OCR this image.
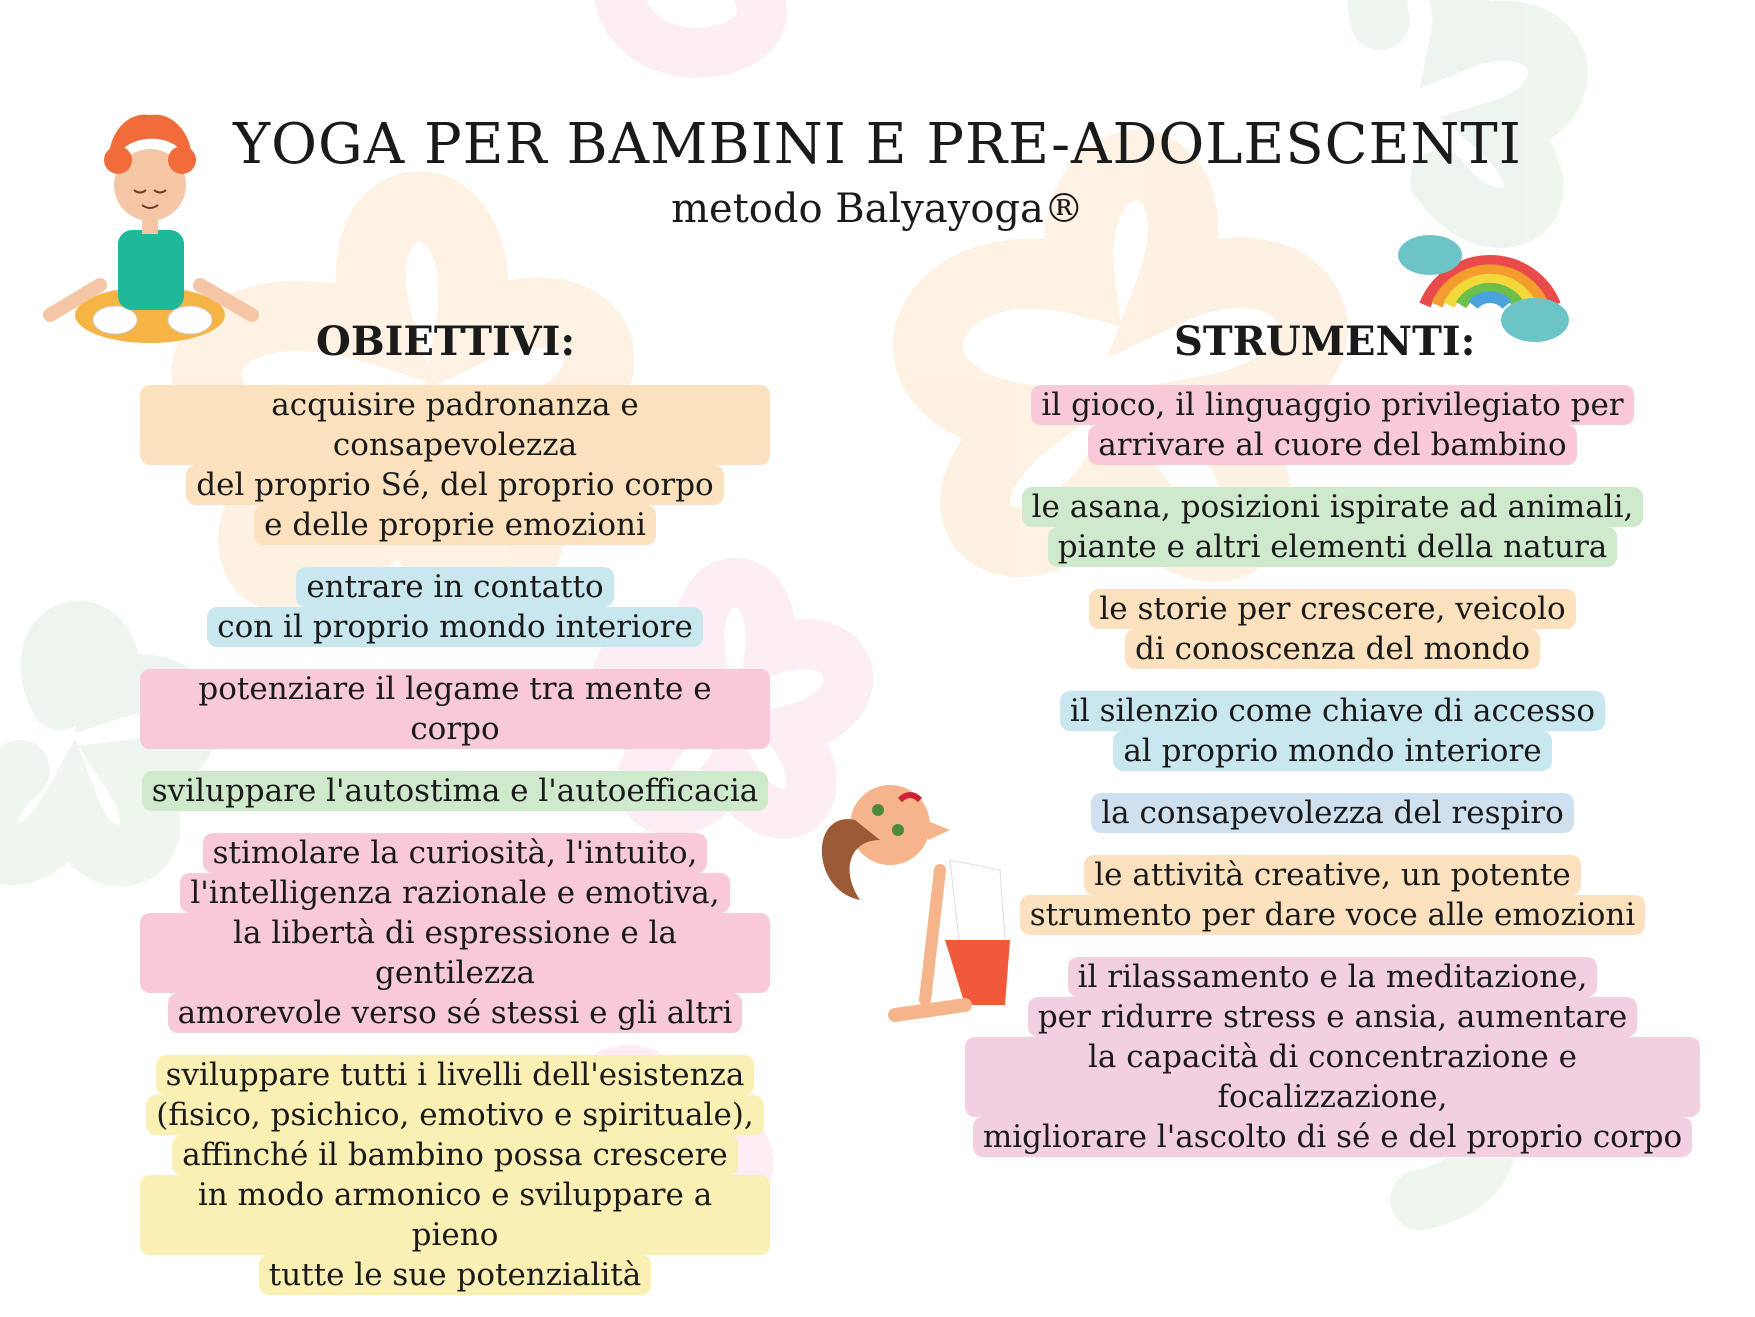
YOGA PER BAMBINI E PRE-ADOLESCENTI
metodo Balyayoga®
OBIETTIVI:	STRUMENTI:
acquisire padronanza e consapevolezza
del proprio Sé, del proprio corpo
e delle proprie emozioni
entrare in contatto
con il proprio mondo interiore
potenziare il legame tra mente e corpo
sviluppare l'autostima e l'autoefficacia
stimolare la curiosità, l'intuito,
l'intelligenza razionale e emotiva,
la libertà di espressione e la gentilezza
amorevole verso sé stessi e gli altri
sviluppare tutti i livelli dell'esistenza
(fisico, psichico, emotivo e spirituale),
affinché il bambino possa crescere
in modo armonico e sviluppare a pieno
tutte le sue potenzialità
il gioco, il linguaggio privilegiato per
arrivare al cuore del bambino
le asana, posizioni ispirate ad animali,
piante e altri elementi della natura
le storie per crescere, veicolo
di conoscenza del mondo
il silenzio come chiave di accesso
al proprio mondo interiore
la consapevolezza del respiro
le attività creative, un potente
strumento per dare voce alle emozioni
il rilassamento e la meditazione,
per ridurre stress e ansia, aumentare
la capacità di concentrazione e focalizzazione,
migliorare l'ascolto di sé e del proprio corpo
